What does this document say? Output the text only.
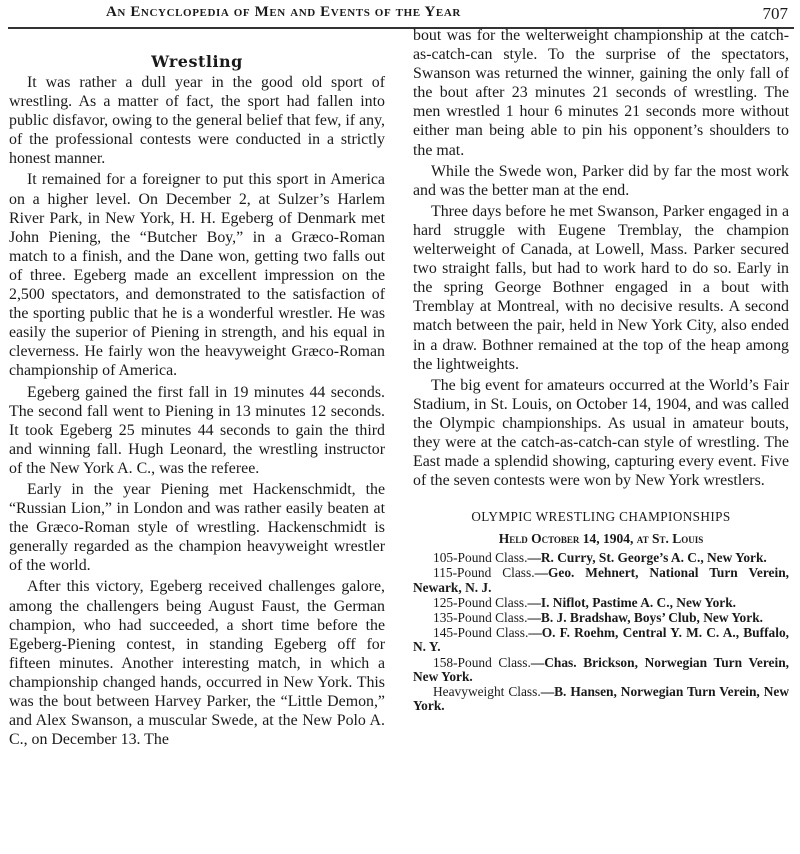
An Encyclopedia of Men and Events of the Year	707
Wrestling

It was rather a dull year in the good old sport of wrestling. As a matter of fact, the sport had fallen into public disfavor, owing to the general belief that few, if any, of the professional contests were conducted in a strictly honest manner.

It remained for a foreigner to put this sport in America on a higher level. On December 2, at Sulzer’s Harlem River Park, in New York, H. H. Egeberg of Denmark met John Piening, the “Butcher Boy,” in a Græco-Roman match to a finish, and the Dane won, getting two falls out of three. Egeberg made an excellent impression on the 2,500 spectators, and demonstrated to the satisfaction of the sporting public that he is a wonderful wrestler. He was easily the superior of Piening in strength, and his equal in cleverness. He fairly won the heavyweight Græco-Roman championship of America.

Egeberg gained the first fall in 19 minutes 44 seconds. The second fall went to Piening in 13 minutes 12 seconds. It took Egeberg 25 minutes 44 seconds to gain the third and winning fall. Hugh Leonard, the wrestling instructor of the New York A. C., was the referee.

Early in the year Piening met Hackenschmidt, the “Russian Lion,” in London and was rather easily beaten at the Græco-Roman style of wrestling. Hackenschmidt is generally regarded as the champion heavyweight wrestler of the world.

After this victory, Egeberg received challenges galore, among the challengers being August Faust, the German champion, who had succeeded, a short time before the Egeberg-Piening contest, in standing Egeberg off for fifteen minutes. Another interesting match, in which a championship changed hands, occurred in New York. This was the bout between Harvey Parker, the “Little Demon,” and Alex Swanson, a muscular Swede, at the New Polo A. C., on December 13. The

bout was for the welterweight championship at the catch-as-catch-can style. To the surprise of the spectators, Swanson was returned the winner, gaining the only fall of the bout after 23 minutes 21 seconds of wrestling. The men wrestled 1 hour 6 minutes 21 seconds more without either man being able to pin his opponent’s shoulders to the mat.

While the Swede won, Parker did by far the most work and was the better man at the end.

Three days before he met Swanson, Parker engaged in a hard struggle with Eugene Tremblay, the champion welterweight of Canada, at Lowell, Mass. Parker secured two straight falls, but had to work hard to do so. Early in the spring George Bothner engaged in a bout with Tremblay at Montreal, with no decisive results. A second match between the pair, held in New York City, also ended in a draw. Bothner remained at the top of the heap among the lightweights.

The big event for amateurs occurred at the World’s Fair Stadium, in St. Louis, on October 14, 1904, and was called the Olympic championships. As usual in amateur bouts, they were at the catch-as-catch-can style of wrestling. The East made a splendid showing, capturing every event. Five of the seven contests were won by New York wrestlers.

OLYMPIC WRESTLING CHAMPIONSHIPS
Held October 14, 1904, at St. Louis

105-Pound Class.—R. Curry, St. George’s A. C., New York.

115-Pound Class.—Geo. Mehnert, National Turn Verein, Newark, N. J.

125-Pound Class.—I. Niflot, Pastime A. C., New York.

135-Pound Class.—B. J. Bradshaw, Boys’ Club, New York.

145-Pound Class.—O. F. Roehm, Central Y. M. C. A., Buffalo, N. Y.

158-Pound Class.—Chas. Brickson, Norwegian Turn Verein, New York.

Heavyweight Class.—B. Hansen, Norwegian Turn Verein, New York.
